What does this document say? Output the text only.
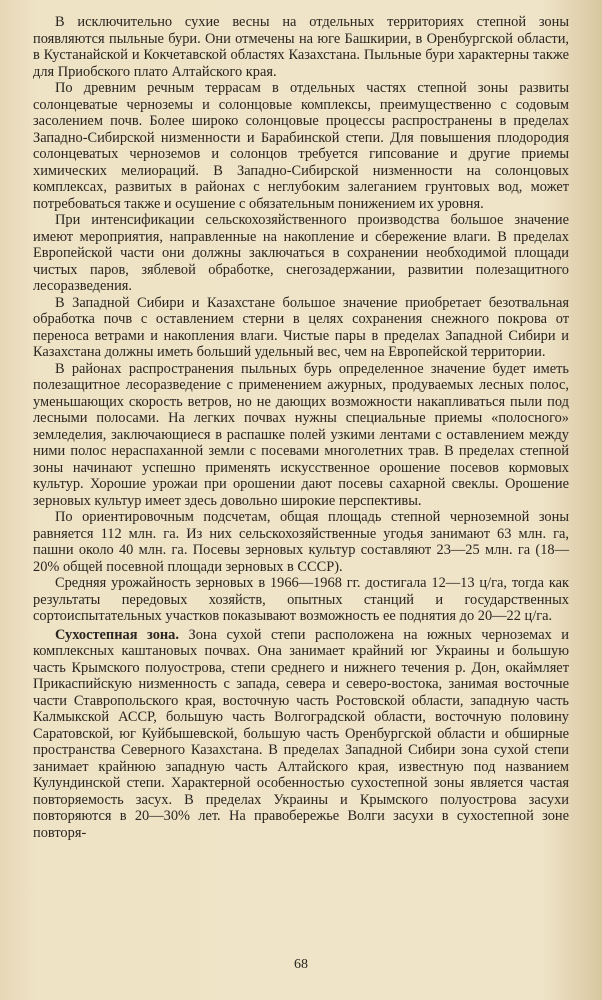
В исключительно сухие весны на отдельных территориях степной зоны появляются пыльные бури. Они отмечены на юге Башкирии, в Оренбургской области, в Кустанайской и Кокчетавской областях Казахстана. Пыльные бури характерны также для Приобского плато Алтайского края.

По древним речным террасам в отдельных частях степной зоны развиты солонцеватые черноземы и солонцовые комплексы, преимущественно с содовым засолением почв. Более широко солонцовые процессы распространены в пределах Западно-Сибирской низменности и Барабинской степи. Для повышения плодородия солонцеватых черноземов и солонцов требуется гипсование и другие приемы химических мелиораций. В Западно-Сибирской низменности на солонцовых комплексах, развитых в районах с неглубоким залеганием грунтовых вод, может потребоваться также и осушение с обязательным понижением их уровня.

При интенсификации сельскохозяйственного производства большое значение имеют мероприятия, направленные на накопление и сбережение влаги. В пределах Европейской части они должны заключаться в сохранении необходимой площади чистых паров, зяблевой обработке, снегозадержании, развитии полезащитного лесоразведения.

В Западной Сибири и Казахстане большое значение приобретает безотвальная обработка почв с оставлением стерни в целях сохранения снежного покрова от переноса ветрами и накопления влаги. Чистые пары в пределах Западной Сибири и Казахстана должны иметь больший удельный вес, чем на Европейской территории.

В районах распространения пыльных бурь определенное значение будет иметь полезащитное лесоразведение с применением ажурных, продуваемых лесных полос, уменьшающих скорость ветров, но не дающих возможности накапливаться пыли под лесными полосами. На легких почвах нужны специальные приемы «полосного» земледелия, заключающиеся в распашке полей узкими лентами с оставлением между ними полос нераспаханной земли с посевами многолетних трав. В пределах степной зоны начинают успешно применять искусственное орошение посевов кормовых культур. Хорошие урожаи при орошении дают посевы сахарной свеклы. Орошение зерновых культур имеет здесь довольно широкие перспективы.

По ориентировочным подсчетам, общая площадь степной черноземной зоны равняется 112 млн. га. Из них сельскохозяйственные угодья занимают 63 млн. га, пашни около 40 млн. га. Посевы зерновых культур составляют 23—25 млн. га (18—20% общей посевной площади зерновых в СССР).

Средняя урожайность зерновых в 1966—1968 гг. достигала 12—13 ц/га, тогда как результаты передовых хозяйств, опытных станций и государственных сортоиспытательных участков показывают возможность ее поднятия до 20—22 ц/га.

Сухостепная зона. Зона сухой степи расположена на южных черноземах и комплексных каштановых почвах. Она занимает крайний юг Украины и большую часть Крымского полуострова, степи среднего и нижнего течения р. Дон, окаймляет Прикаспийскую низменность с запада, севера и северо-востока, занимая восточные части Ставропольского края, восточную часть Ростовской области, западную часть Калмыкской АССР, большую часть Волгоградской области, восточную половину Саратовской, юг Куйбышевской, большую часть Оренбургской области и обширные пространства Северного Казахстана. В пределах Западной Сибири зона сухой степи занимает крайнюю западную часть Алтайского края, известную под названием Кулундинской степи. Характерной особенностью сухостепной зоны является частая повторяемость засух. В пределах Украины и Крымского полуострова засухи повторяются в 20—30% лет. На правобережье Волги засухи в сухостепной зоне повторя-

68
